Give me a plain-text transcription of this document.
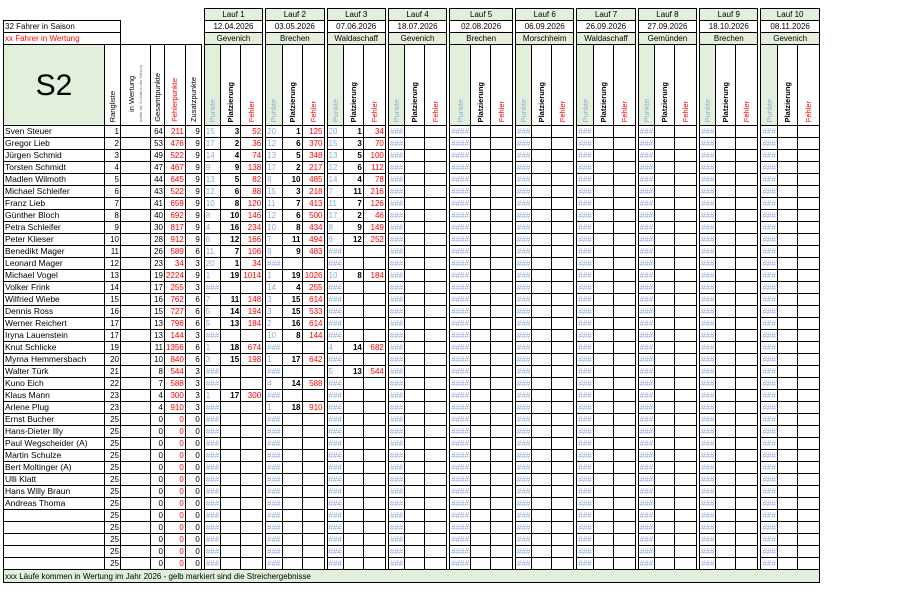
							Lauf 1				Lauf 2				Lauf 3				Lauf 4				Lauf 5				Lauf 6				Lauf 7				Lauf 8				Lauf 9				Lauf 10		
32 Fahrer in Saison							12.04.2026				03.05.2026				07.06.2026				18.07.2026				02.08.2026				06.09.2026				26.09.2026				27.09.2026				18.10.2026				08.11.2026		
xx Fahrer in Wertung							Gevenich				Brechen				Waldaschaff				Gevenich				Brechen				Morschheim				Waldaschaff				Gemünden				Brechen				Gevenich		
S2	Rangliste	in Wertung (mehr als 3 Läufe in der Saison)	Gesamtpunkte	Fehlerpunkte	Zusatzpunkte		Punkte	Platzierung	Fehler		Punkte	Platzierung	Fehler		Punkte	Platzierung	Fehler		Punkte	Platzierung	Fehler		Punkte	Platzierung	Fehler		Punkte	Platzierung	Fehler		Punkte	Platzierung	Fehler		Punkte	Platzierung	Fehler		Punkte	Platzierung	Fehler		Punkte	Platzierung	Fehler
Sven Steuer	1		64	211	9		15	3	52		20	1	125		20	1	34		###				####				###				###				###				###				###		
Gregor Lieb	2		53	476	9		17	2	36		12	6	370		15	3	70		###				####				###				###				###				###				###		
Jürgen Schmid	3		49	522	9		14	4	74		13	5	348		13	5	100		###				####				###				###				###				###				###		
Torsten Schmidt	4		47	467	9		9	9	138		17	2	217		12	6	112		###				####				###				###				###				###				###		
Madlen Wilmoth	5		44	645	9		13	5	82		8	10	485		14	4	78		###				####				###				###				###				###				###		
Michael Schleifer	6		43	522	9		12	6	88		15	3	218		7	11	216		###				####				###				###				###				###				###		
Franz Lieb	7		41	659	9		10	8	120		11	7	413		11	7	126		###				####				###				###				###				###				###		
Günther Bloch	8		40	692	9		8	10	146		12	6	500		17	2	46		###				####				###				###				###				###				###		
Petra Schleifer	9		30	817	9		4	16	234		10	8	434		8	9	149		###				####				###				###				###				###				###		
Peter Klieser	10		28	912	9		6	12	166		7	11	494		6	12	252		###				####				###				###				###				###				###		
Benedikt Mager	11		26	589	6		11	7	106		9	9	483		###				###				####				###				###				###				###				###		
Leonard Mager	12		23	34	3		20	1	34		###				###				###				####				###				###				###				###				###		
Michael Vogel	13		19	2224	9		1	19	1014		1	19	1026		10	8	184		###				####				###				###				###				###				###		
Volker Frink	14		17	255	3		###				14	4	255		###				###				####				###				###				###				###				###		
Wilfried Wiebe	15		16	762	6		7	11	148		3	15	614		###				###				####				###				###				###				###				###		
Dennis Ross	16		15	727	6		5	14	194		3	15	533		###				###				####				###				###				###				###				###		
Werner Reichert	17		13	798	6		5	13	184		2	16	614		###				###				####				###				###				###				###				###		
Iryna Lauenstein	17		13	144	3		###				10	8	144		###				###				####				###				###				###				###				###		
Knut Schlicke	19		11	1356	6		1	18	674		###				4	14	682		###				####				###				###				###				###				###		
Myrna Hemmersbach	20		10	840	6		3	15	198		1	17	642		###				###				####				###				###				###				###				###		
Walter Türk	21		8	544	3		###				###				5	13	544		###				####				###				###				###				###				###		
Kuno Eich	22		7	588	3		###				4	14	588		###				###				####				###				###				###				###				###		
Klaus Mann	23		4	300	3		1	17	300		###				###				###				####				###				###				###				###				###		
Arlene Plug	23		4	910	3		###				1	18	910		###				###				####				###				###				###				###				###		
Ernst Bucher	25		0	0	0		###				###				###				###				####				###				###				###				###				###		
Hans-Dieter Illy	25		0	0	0		###				###				###				###				####				###				###				###				###				###		
Paul Wegscheider (A)	25		0	0	0		###				###				###				###				####				###				###				###				###				###		
Martin Schulze	25		0	0	0		###				###				###				###				####				###				###				###				###				###		
Bert Moltinger (A)	25		0	0	0		###				###				###				###				####				###				###				###				###				###		
Ulli Klatt	25		0	0	0		###				###				###				###				####				###				###				###				###				###		
Hans Willy Braun	25		0	0	0		###				###				###				###				####				###				###				###				###				###		
Andreas Thoma	25		0	0	0		###				###				###				###				####				###				###				###				###				###		
	25		0	0	0		###				###				###				###				####				###				###				###				###				###		
	25		0	0	0		###				###				###				###				####				###				###				###				###				###		
	25		0	0	0		###				###				###				###				####				###				###				###				###				###		
	25		0	0	0		###				###				###				###				####				###				###				###				###				###		
	25		0	0	0		###				###				###				###				####				###				###				###				###				###		
xxx Läufe kommen in Wertung im Jahr 2026 - gelb markiert sind die Streichergebnisse																																													
